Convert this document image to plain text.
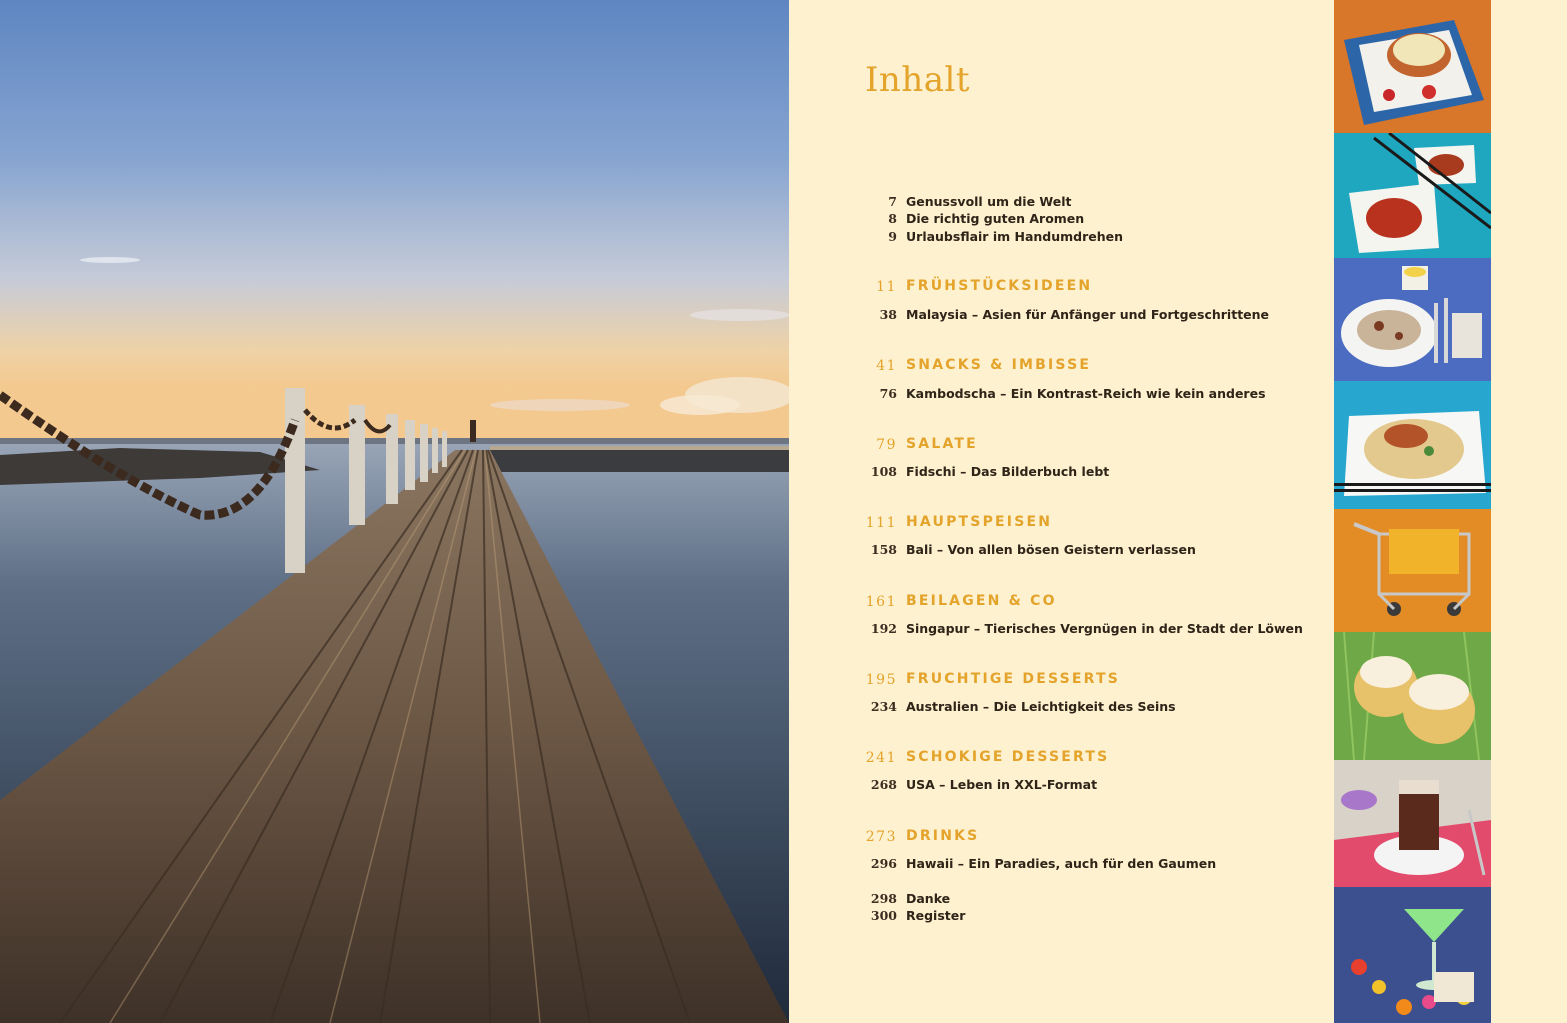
Inhalt
7 Genussvoll um die Welt
8 Die richtig guten Aromen
9 Urlaubsflair im Handumdrehen
11 FRÜHSTÜCKSIDEEN
38 Malaysia – Asien für Anfänger und Fortgeschrittene
41 SNACKS & IMBISSE
76 Kambodscha – Ein Kontrast-Reich wie kein anderes
79 SALATE
108 Fidschi – Das Bilderbuch lebt
111 HAUPTSPEISEN
158 Bali – Von allen bösen Geistern verlassen
161 BEILAGEN & CO
192 Singapur – Tierisches Vergnügen in der Stadt der Löwen
195 FRUCHTIGE DESSERTS
234 Australien – Die Leichtigkeit des Seins
241 SCHOKIGE DESSERTS
268 USA – Leben in XXL-Format
273 DRINKS
296 Hawaii – Ein Paradies, auch für den Gaumen
298 Danke
300 Register
